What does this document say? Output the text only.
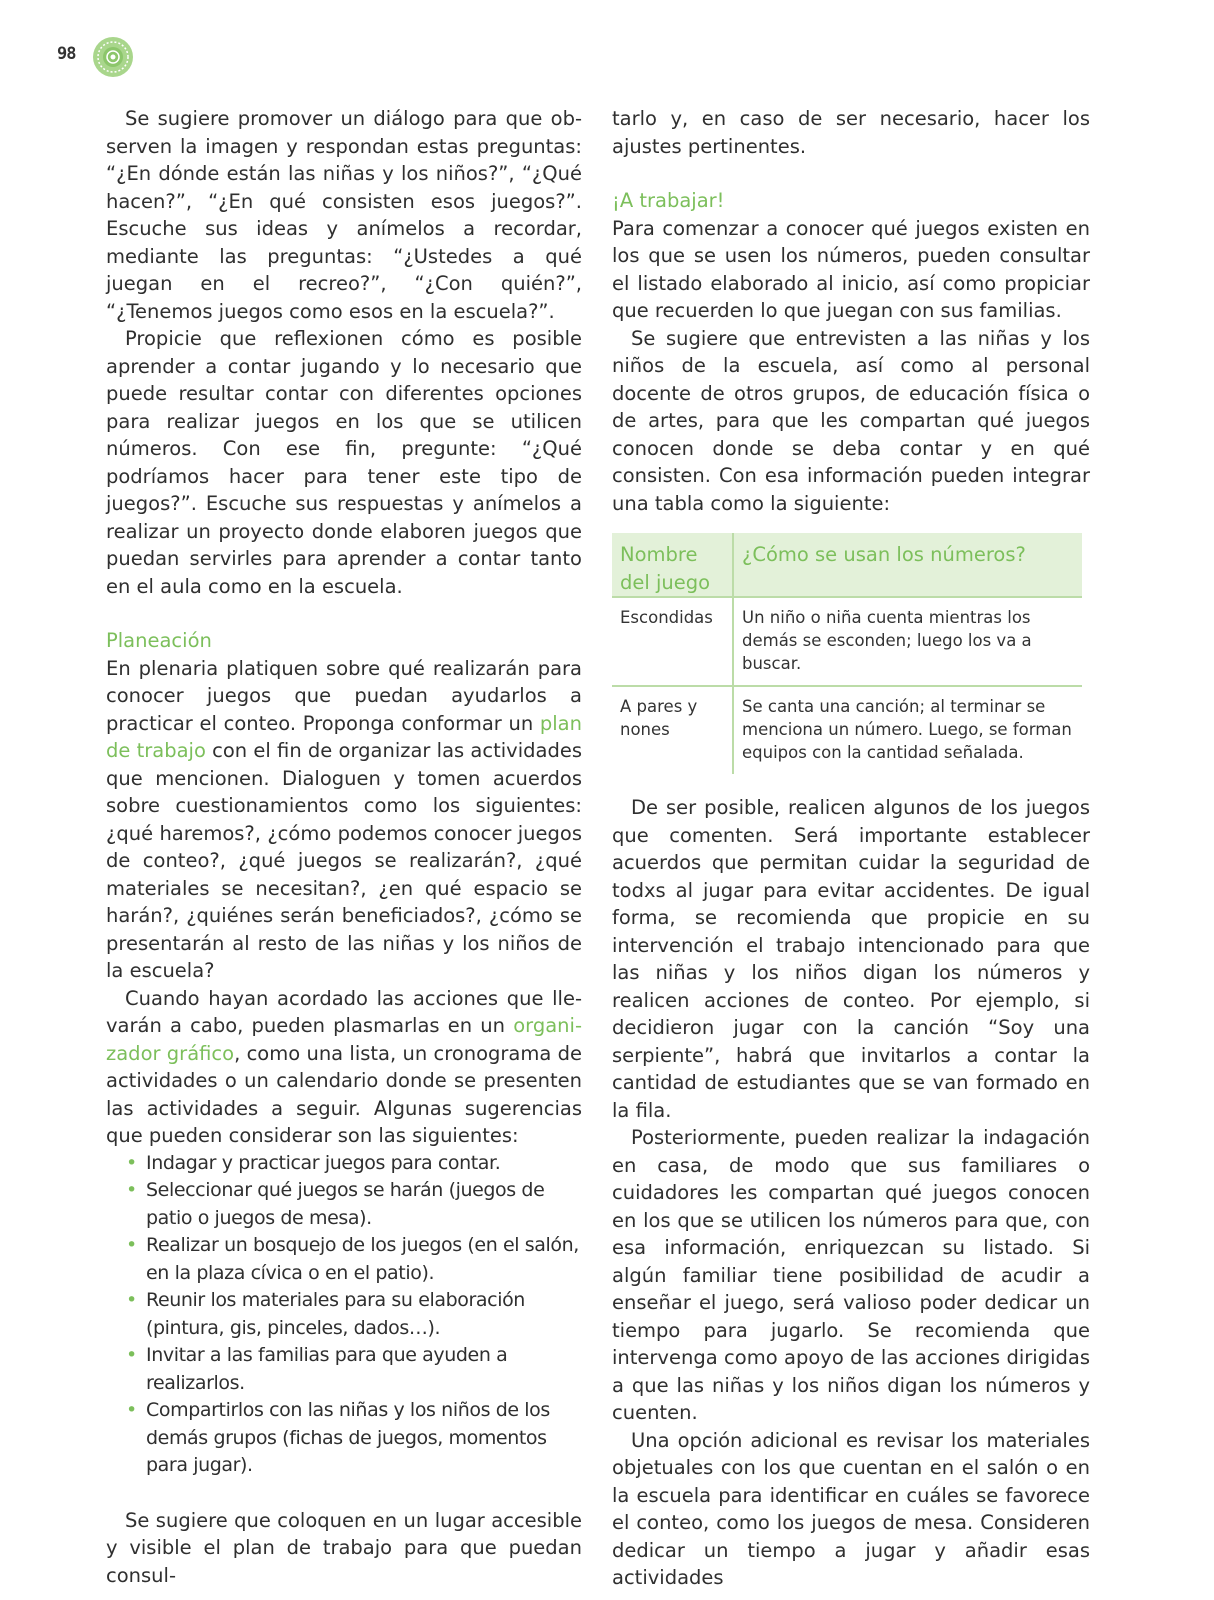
98

Se sugiere promover un diálogo para que observen la imagen y respondan estas preguntas: “¿En dónde están las niñas y los niños?”, “¿Qué hacen?”, “¿En qué consisten esos juegos?”. Escuche sus ideas y anímelos a recordar, mediante las preguntas: “¿Ustedes a qué juegan en el recreo?”, “¿Con quién?”, “¿Tenemos juegos como esos en la escuela?”.

Propicie que reflexionen cómo es posible aprender a contar jugando y lo necesario que puede resultar contar con diferentes opciones para realizar juegos en los que se utilicen números. Con ese fin, pregunte: “¿Qué podríamos hacer para tener este tipo de juegos?”. Escuche sus respuestas y anímelos a realizar un proyecto donde elaboren juegos que puedan servirles para aprender a contar tanto en el aula como en la escuela.

Planeación

En plenaria platiquen sobre qué realizarán para conocer juegos que puedan ayudarlos a practicar el conteo. Proponga conformar un plan de trabajo con el fin de organizar las actividades que mencionen. Dialoguen y tomen acuerdos sobre cuestionamientos como los siguientes: ¿qué haremos?, ¿cómo podemos conocer juegos de conteo?, ¿qué juegos se realizarán?, ¿qué materiales se necesitan?, ¿en qué espacio se harán?, ¿quiénes serán beneficiados?, ¿cómo se presentarán al resto de las niñas y los niños de la escuela?

Cuando hayan acordado las acciones que llevarán a cabo, pueden plasmarlas en un organizador gráfico, como una lista, un cronograma de actividades o un calendario donde se presenten las actividades a seguir. Algunas sugerencias que pueden considerar son las siguientes:

• Indagar y practicar juegos para contar.
• Seleccionar qué juegos se harán (juegos de patio o juegos de mesa).
• Realizar un bosquejo de los juegos (en el salón, en la plaza cívica o en el patio).
• Reunir los materiales para su elaboración (pintura, gis, pinceles, dados…).
• Invitar a las familias para que ayuden a realizarlos.
• Compartirlos con las niñas y los niños de los demás grupos (fichas de juegos, momentos para jugar).

Se sugiere que coloquen en un lugar accesible y visible el plan de trabajo para que puedan consul-

tarlo y, en caso de ser necesario, hacer los ajustes pertinentes.

¡A trabajar!

Para comenzar a conocer qué juegos existen en los que se usen los números, pueden consultar el listado elaborado al inicio, así como propiciar que recuerden lo que juegan con sus familias.

Se sugiere que entrevisten a las niñas y los niños de la escuela, así como al personal docente de otros grupos, de educación física o de artes, para que les compartan qué juegos conocen donde se deba contar y en qué consisten. Con esa información pueden integrar una tabla como la siguiente:

Nombre del juego	¿Cómo se usan los números?
Escondidas	Un niño o niña cuenta mientras los demás se esconden; luego los va a buscar.
A pares y nones	Se canta una canción; al terminar se menciona un número. Luego, se forman equipos con la cantidad señalada.

De ser posible, realicen algunos de los juegos que comenten. Será importante establecer acuerdos que permitan cuidar la seguridad de todxs al jugar para evitar accidentes. De igual forma, se recomienda que propicie en su intervención el trabajo intencionado para que las niñas y los niños digan los números y realicen acciones de conteo. Por ejemplo, si decidieron jugar con la canción “Soy una serpiente”, habrá que invitarlos a contar la cantidad de estudiantes que se van formado en la fila.

Posteriormente, pueden realizar la indagación en casa, de modo que sus familiares o cuidadores les compartan qué juegos conocen en los que se utilicen los números para que, con esa información, enriquezcan su listado. Si algún familiar tiene posibilidad de acudir a enseñar el juego, será valioso poder dedicar un tiempo para jugarlo. Se recomienda que intervenga como apoyo de las acciones dirigidas a que las niñas y los niños digan los números y cuenten.

Una opción adicional es revisar los materiales objetuales con los que cuentan en el salón o en la escuela para identificar en cuáles se favorece el conteo, como los juegos de mesa. Consideren dedicar un tiempo a jugar y añadir esas actividades
